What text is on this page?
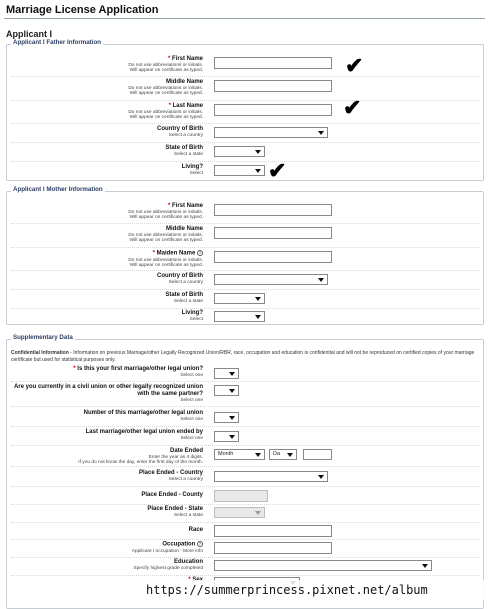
Marriage License Application
Applicant I
Applicant I Father Information
* First Name
Do not use abbreviations or initials.
Will appear on certificate as typed.
Middle Name
Do not use abbreviations or initials.
Will appear on certificate as typed.
* Last Name
Do not use abbreviations or initials.
Will appear on certificate as typed.
Country of Birth
Select a country
State of Birth
Select a state
Living?
Select
✔
✔
✔
Applicant I Mother Information
* First Name
Do not use abbreviations or initials.
Will appear on certificate as typed.
Middle Name
Do not use abbreviations or initials.
Will appear on certificate as typed.
* Maiden Name ?
Do not use abbreviations or initials.
Will appear on certificate as typed.
Country of Birth
Select a country
State of Birth
Select a state
Living?
Select
Supplementary Data
Confidential Information - Information on previous Marriage/other Legally Recognized Union/RBR, race, occupation and education is confidential and will not be reproduced on certified copies of your marriage certificate but used for statistical purposes only.
* Is this your first marriage/other legal union?
Select one
Are you currently in a civil union or other legally recognized union
with the same partner?
Select one
Number of this marriage/other legal union
Select one
Last marriage/other legal union ended by
Select one
Date Ended
Enter the year as 4 digits.
If you do not know the day, enter the first day of the month.
Month	Da
Place Ended - Country
Select a country
Place Ended - County
Place Ended - State
Select a state
Race
Occupation ?
Applicant I occupation - More info
Education
Specify highest grade completed
https://summerprincess.pixnet.net/album
